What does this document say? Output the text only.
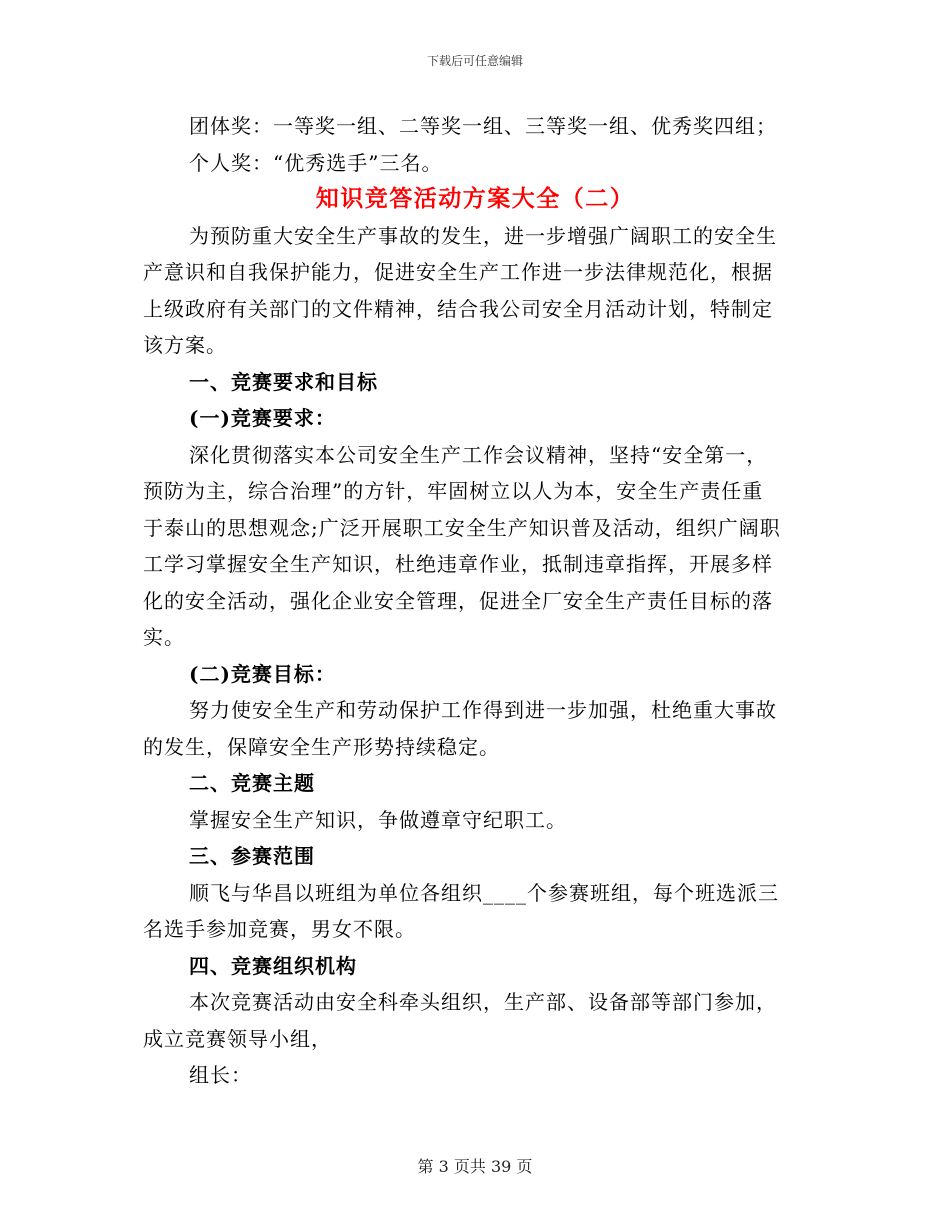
下载后可任意编辑
团体奖：一等奖一组、二等奖一组、三等奖一组、优秀奖四组；
个人奖：“优秀选手”三名。
知识竞答活动方案大全（二）
为预防重大安全生产事故的发生，进一步增强广阔职工的安全生
产意识和自我保护能力，促进安全生产工作进一步法律规范化，根据
上级政府有关部门的文件精神，结合我公司安全月活动计划，特制定
该方案。
一、竞赛要求和目标
(一)竞赛要求：
深化贯彻落实本公司安全生产工作会议精神，坚持“安全第一，
预防为主，综合治理”的方针，牢固树立以人为本，安全生产责任重
于泰山的思想观念;广泛开展职工安全生产知识普及活动，组织广阔职
工学习掌握安全生产知识，杜绝违章作业，抵制违章指挥，开展多样
化的安全活动，强化企业安全管理，促进全厂安全生产责任目标的落
实。
(二)竞赛目标：
努力使安全生产和劳动保护工作得到进一步加强，杜绝重大事故
的发生，保障安全生产形势持续稳定。
二、竞赛主题
掌握安全生产知识，争做遵章守纪职工。
三、参赛范围
顺飞与华昌以班组为单位各组织____个参赛班组，每个班选派三
名选手参加竞赛，男女不限。
四、竞赛组织机构
本次竞赛活动由安全科牵头组织，生产部、设备部等部门参加，
成立竞赛领导小组，
组长：
第 3 页共 39 页
